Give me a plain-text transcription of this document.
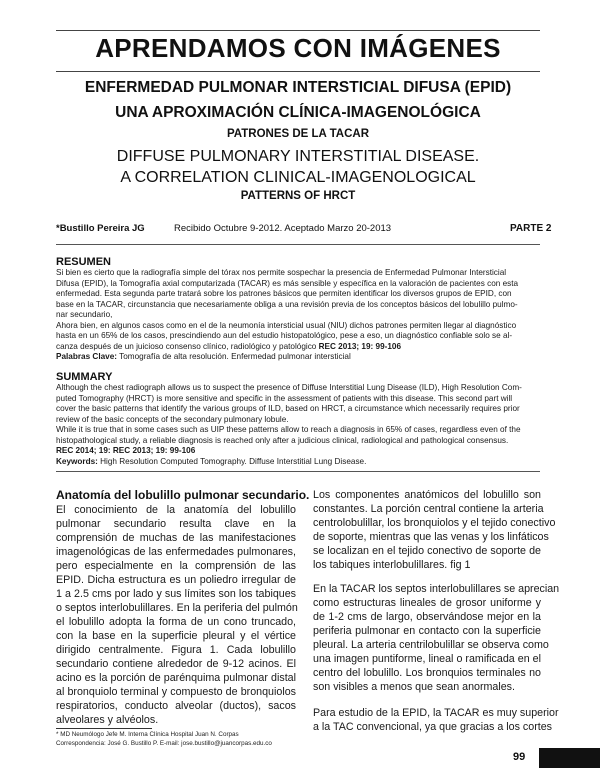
APRENDAMOS CON IMÁGENES
ENFERMEDAD PULMONAR INTERSTICIAL DIFUSA (EPID)
UNA APROXIMACIÓN CLÍNICA-IMAGENOLÓGICA
PATRONES DE LA TACAR
DIFFUSE PULMONARY INTERSTITIAL DISEASE.
A CORRELATION CLINICAL-IMAGENOLOGICAL
PATTERNS OF HRCT
*Bustillo Pereira JG	Recibido Octubre 9-2012. Aceptado Marzo 20-2013	PARTE 2
RESUMEN

Si bien es cierto que la radiografía simple del tórax nos permite sospechar la presencia de Enfermedad Pulmonar Intersticial

Difusa (EPID), la Tomografía axial computarizada (TACAR) es más sensible y específica en la valoración de pacientes con esta

enfermedad. Esta segunda parte tratará sobre los patrones básicos que permiten identificar los diversos grupos de EPID, con

base en la TACAR, circunstancia que necesariamente obliga a una revisión previa de los conceptos básicos del lobulillo pulmo-

nar secundario,

Ahora bien, en algunos casos como en el de la neumonía intersticial usual (NIU) dichos patrones permiten llegar al diagnóstico

hasta en un 65% de los casos, prescindiendo aun del estudio histopatológico, pese a eso, un diagnóstico confiable solo se al-

canza después de un juicioso consenso clínico, radiológico y patológico REC 2013; 19: 99-106

Palabras Clave: Tomografía de alta resolución. Enfermedad pulmonar intersticial

SUMMARY

Although the chest radiograph allows us to suspect the presence of Diffuse Interstitial Lung Disease (ILD), High Resolution Com-

puted Tomography (HRCT) is more sensitive and specific in the assessment of patients with this disease. This second part will

cover the basic patterns that identify the various groups of ILD, based on HRCT, a circumstance which necessarily requires prior

review of the basic concepts of the secondary pulmonary lobule.

While it is true that in some cases such as UIP these patterns allow to reach a diagnosis in 65% of cases, regardless even of the

histopathological study, a reliable diagnosis is reached only after a judicious clinical, radiological and pathological consensus.

REC 2014; 19: REC 2013; 19: 99-106

Keywords: High Resolution Computed Tomography. Diffuse Interstitial Lung Disease.

Anatomía del lobulillo pulmonar secundario.

El conocimiento de la anatomía del lobulillo

pulmonar secundario resulta clave en la

comprensión de muchas de las manifestaciones

imagenológicas de las enfermedades pulmonares,

pero especialmente en la comprensión de las

EPID. Dicha estructura es un poliedro irregular de

1 a 2.5 cms por lado y sus límites son los tabiques

o septos interlobulillares. En la periferia del pulmón

el lobulillo adopta la forma de un cono truncado,

con la base en la superficie pleural y el vértice

dirigido centralmente. Figura 1. Cada lobulillo

secundario contiene alrededor de 9-12 acinos. El

acino es la porción de parénquima pulmonar distal

al bronquiolo terminal y compuesto de bronquiolos

respiratorios, conducto alveolar (ductos), sacos

alveolares y alvéolos.

Los componentes anatómicos del lobulillo son

constantes. La porción central contiene la arteria

centrolobulillar, los bronquiolos y el tejido conectivo

de soporte, mientras que las venas y los linfáticos

se localizan en el tejido conectivo de soporte de

los tabiques interlobulillares. fig 1

En la TACAR los septos interlobulillares se aprecian

como estructuras lineales de grosor uniforme y

de 1-2 cms de largo, observándose mejor en la

periferia pulmonar en contacto con la superficie

pleural. La arteria centrilobulillar se observa como

una imagen puntiforme, lineal o ramificada en el

centro del lobulillo. Los bronquios terminales no

son visibles a menos que sean anormales.

Para estudio de la EPID, la TACAR es muy superior

a la TAC convencional, ya que gracias a los cortes

* MD Neumólogo Jefe M. Interna Clínica Hospital Juan N. Corpas
Correspondencia: José G. Bustillo P. E-mail: jose.bustillo@juancorpas.edu.co
99
